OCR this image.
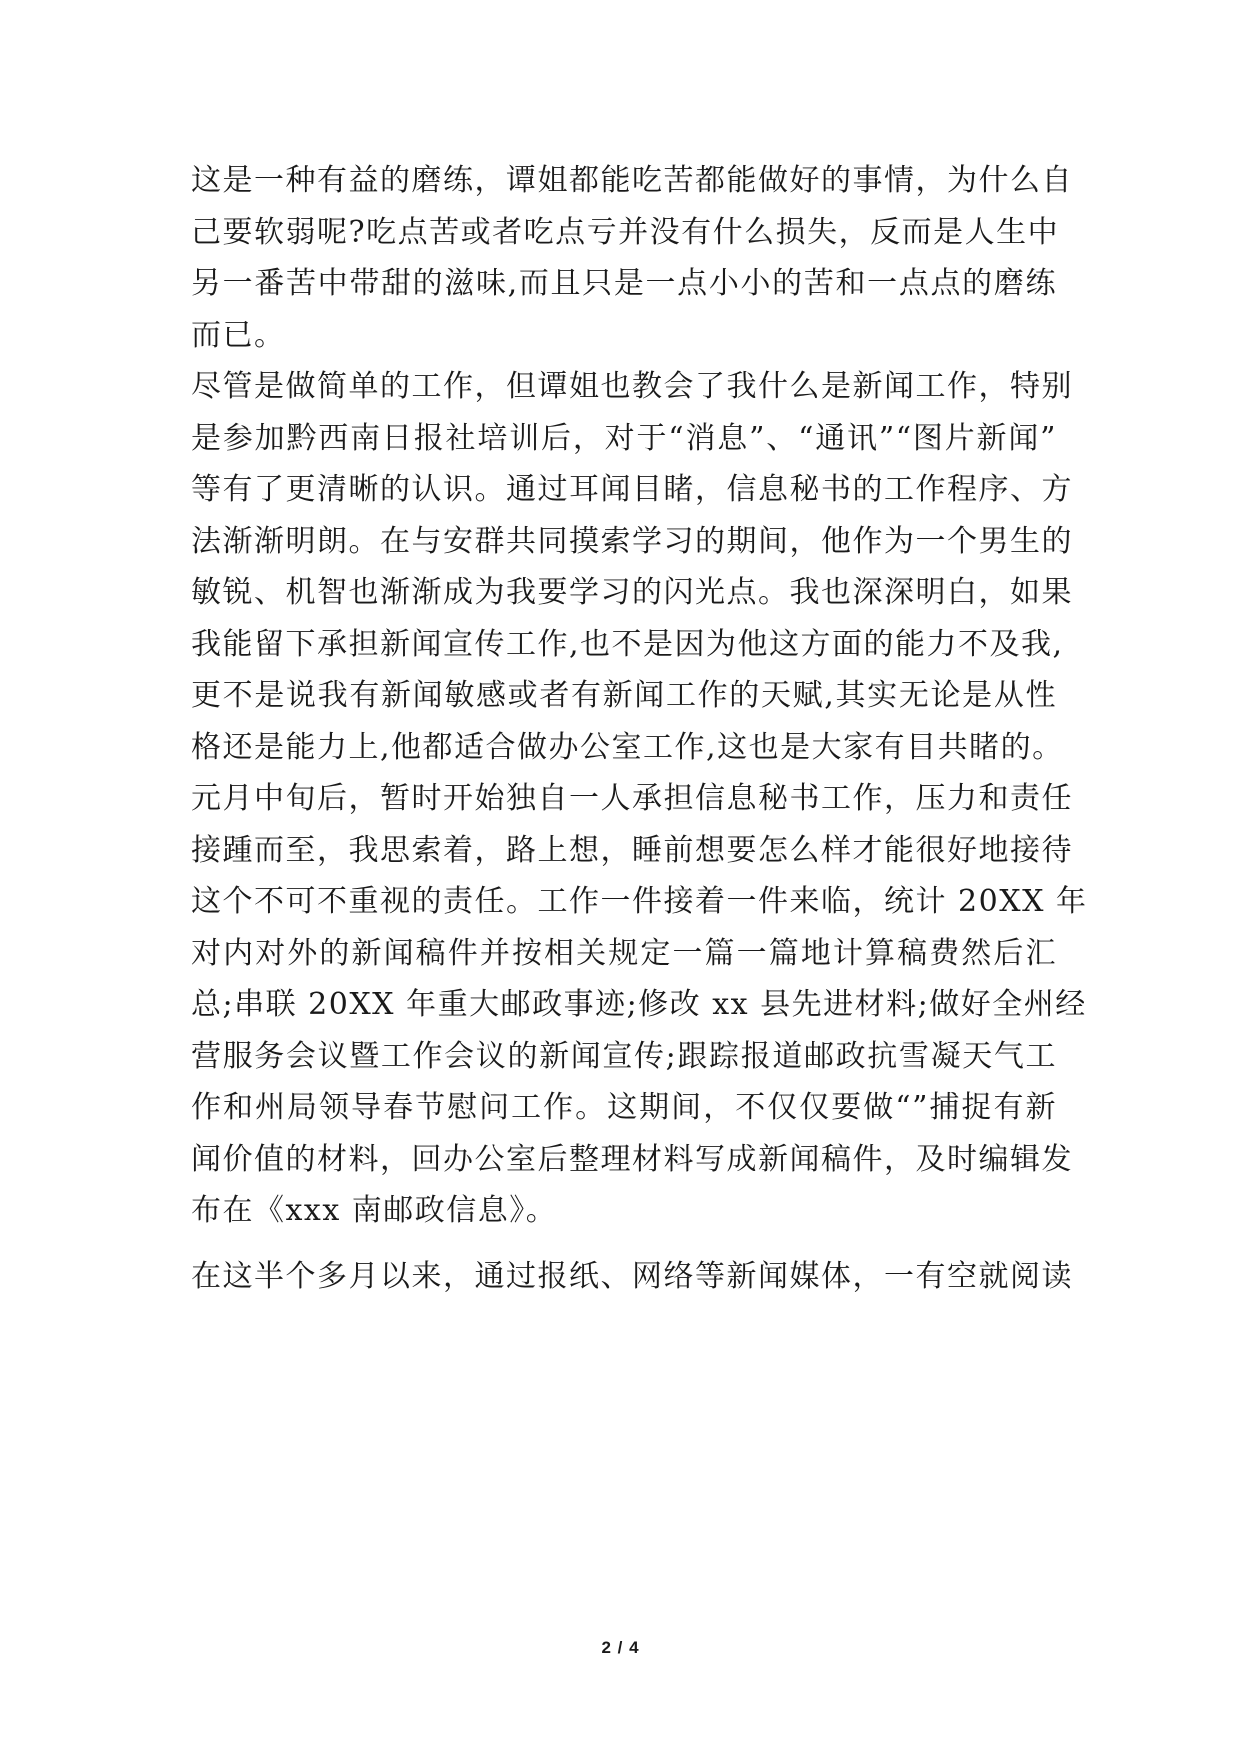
这是一种有益的磨练，谭姐都能吃苦都能做好的事情，为什么自
己要软弱呢?吃点苦或者吃点亏并没有什么损失，反而是人生中
另一番苦中带甜的滋味,而且只是一点小小的苦和一点点的磨练
而已。
尽管是做简单的工作，但谭姐也教会了我什么是新闻工作，特别
是参加黔西南日报社培训后，对于“消息”、“通讯”“图片新闻”
等有了更清晰的认识。通过耳闻目睹，信息秘书的工作程序、方
法渐渐明朗。在与安群共同摸索学习的期间，他作为一个男生的
敏锐、机智也渐渐成为我要学习的闪光点。我也深深明白，如果
我能留下承担新闻宣传工作,也不是因为他这方面的能力不及我,
更不是说我有新闻敏感或者有新闻工作的天赋,其实无论是从性
格还是能力上,他都适合做办公室工作,这也是大家有目共睹的。
元月中旬后，暂时开始独自一人承担信息秘书工作，压力和责任
接踵而至，我思索着，路上想，睡前想要怎么样才能很好地接待
这个不可不重视的责任。工作一件接着一件来临，统计 20XX 年
对内对外的新闻稿件并按相关规定一篇一篇地计算稿费然后汇
总;串联 20XX 年重大邮政事迹;修改 xx 县先进材料;做好全州经
营服务会议暨工作会议的新闻宣传;跟踪报道邮政抗雪凝天气工
作和州局领导春节慰问工作。这期间，不仅仅要做“”捕捉有新
闻价值的材料，回办公室后整理材料写成新闻稿件，及时编辑发
布在《xxx 南邮政信息》。
在这半个多月以来，通过报纸、网络等新闻媒体，一有空就阅读
2 / 4
